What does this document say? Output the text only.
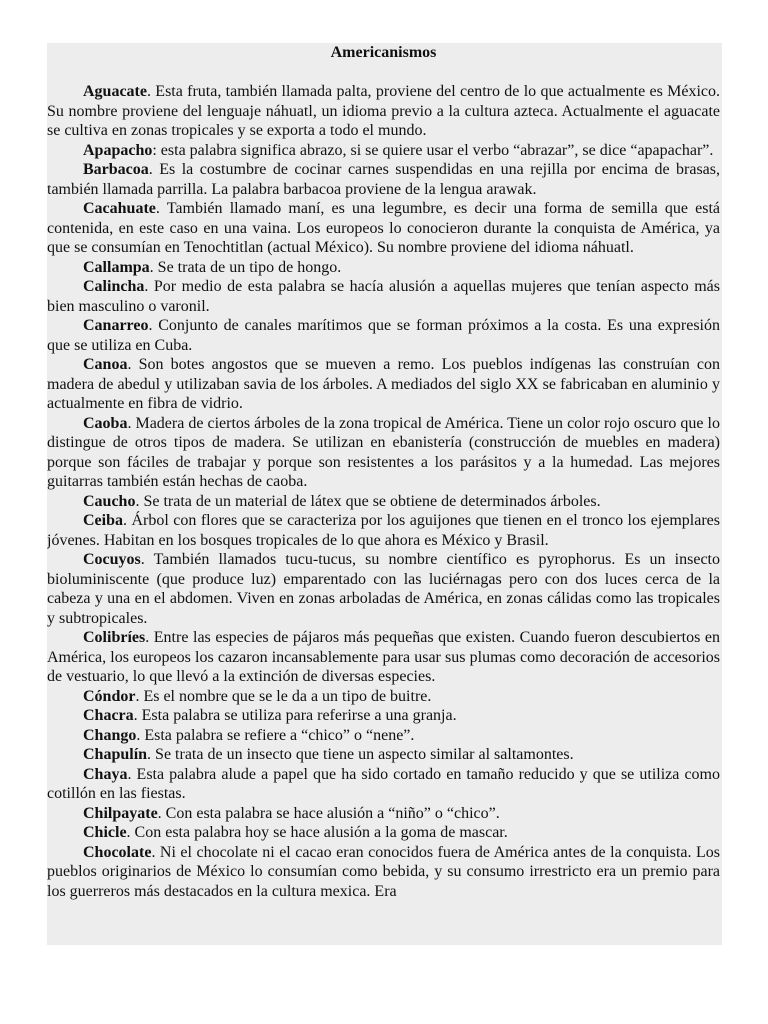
Americanismos

Aguacate. Esta fruta, también llamada palta, proviene del centro de lo que actualmente es México. Su nombre proviene del lenguaje náhuatl, un idioma previo a la cultura azteca. Actualmente el aguacate se cultiva en zonas tropicales y se exporta a todo el mundo.

Apapacho: esta palabra significa abrazo, si se quiere usar el verbo “abrazar”, se dice “apapachar”.

Barbacoa. Es la costumbre de cocinar carnes suspendidas en una rejilla por encima de brasas, también llamada parrilla. La palabra barbacoa proviene de la lengua arawak.

Cacahuate. También llamado maní, es una legumbre, es decir una forma de semilla que está contenida, en este caso en una vaina. Los europeos lo conocieron durante la conquista de América, ya que se consumían en Tenochtitlan (actual México). Su nombre proviene del idioma náhuatl.

Callampa. Se trata de un tipo de hongo.

Calincha. Por medio de esta palabra se hacía alusión a aquellas mujeres que tenían aspecto más bien masculino o varonil.

Canarreo. Conjunto de canales marítimos que se forman próximos a la costa. Es una expresión que se utiliza en Cuba.

Canoa. Son botes angostos que se mueven a remo. Los pueblos indígenas las construían con madera de abedul y utilizaban savia de los árboles. A mediados del siglo XX se fabricaban en aluminio y actualmente en fibra de vidrio.

Caoba. Madera de ciertos árboles de la zona tropical de América. Tiene un color rojo oscuro que lo distingue de otros tipos de madera. Se utilizan en ebanistería (construcción de muebles en madera) porque son fáciles de trabajar y porque son resistentes a los parásitos y a la humedad. Las mejores guitarras también están hechas de caoba.

Caucho. Se trata de un material de látex que se obtiene de determinados árboles.

Ceiba. Árbol con flores que se caracteriza por los aguijones que tienen en el tronco los ejemplares jóvenes. Habitan en los bosques tropicales de lo que ahora es México y Brasil.

Cocuyos. También llamados tucu-tucus, su nombre científico es pyrophorus. Es un insecto bioluminiscente (que produce luz) emparentado con las luciérnagas pero con dos luces cerca de la cabeza y una en el abdomen. Viven en zonas arboladas de América, en zonas cálidas como las tropicales y subtropicales.

Colibríes. Entre las especies de pájaros más pequeñas que existen. Cuando fueron descubiertos en América, los europeos los cazaron incansablemente para usar sus plumas como decoración de accesorios de vestuario, lo que llevó a la extinción de diversas especies.

Cóndor. Es el nombre que se le da a un tipo de buitre.

Chacra. Esta palabra se utiliza para referirse a una granja.

Chango. Esta palabra se refiere a “chico” o “nene”.

Chapulín. Se trata de un insecto que tiene un aspecto similar al saltamontes.

Chaya. Esta palabra alude a papel que ha sido cortado en tamaño reducido y que se utiliza como cotillón en las fiestas.

Chilpayate. Con esta palabra se hace alusión a “niño” o “chico”.

Chicle. Con esta palabra hoy se hace alusión a la goma de mascar.

Chocolate. Ni el chocolate ni el cacao eran conocidos fuera de América antes de la conquista. Los pueblos originarios de México lo consumían como bebida, y su consumo irrestricto era un premio para los guerreros más destacados en la cultura mexica. Era
